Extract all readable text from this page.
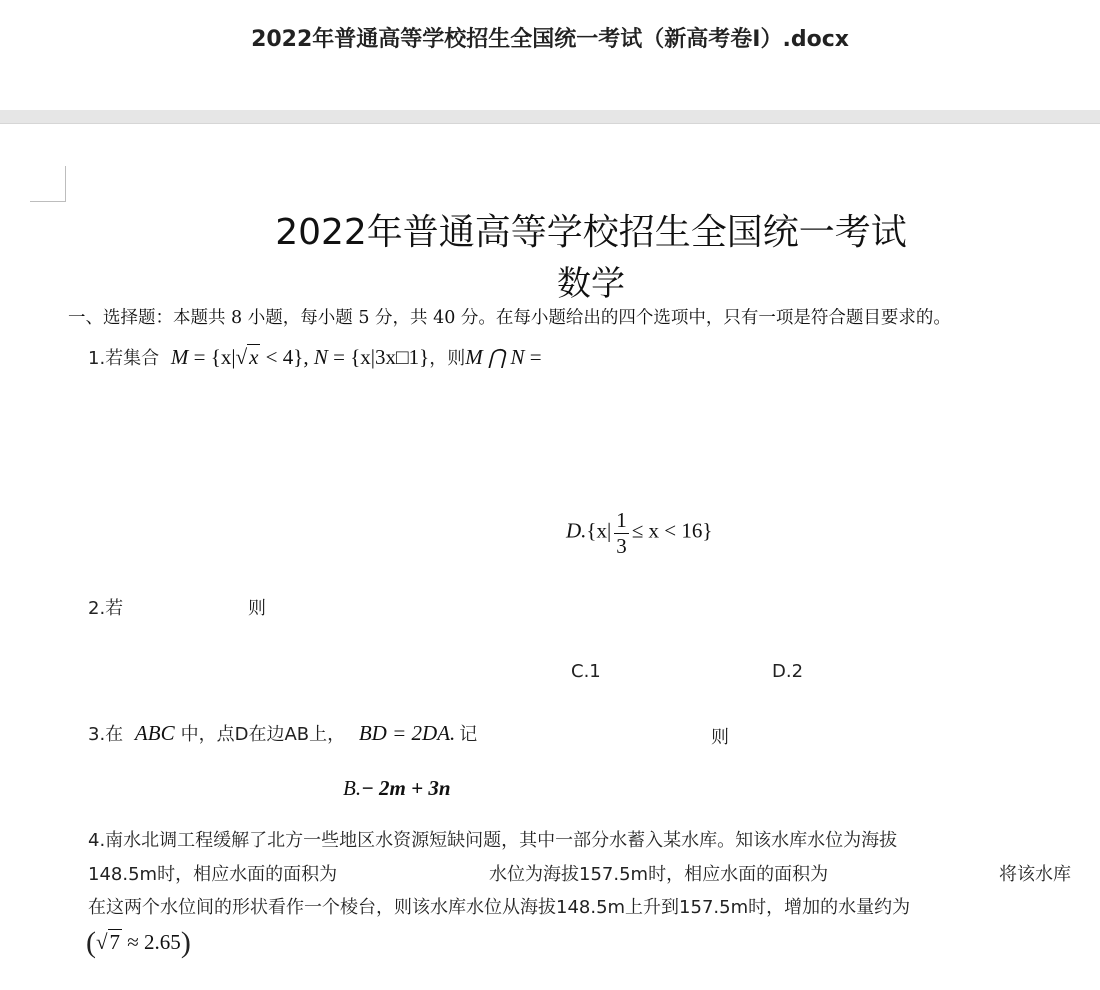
2022年普通高等学校招生全国统一考试（新高考卷I）.docx
2022年普通高等学校招生全国统一考试
数学
一、选择题：本题共 8 小题，每小题 5 分，共 40 分。在每小题给出的四个选项中，只有一项是符合题目要求的。
1.若集合 M = {x|√x < 4}, N = {x|3x□1}，则M ⋂ N =
$D.\{x| \frac{1}{3} \le x < 16\}$
2.若	则
C.1	D.2
3.在 ABC 中，点D在边AB上， BD = 2DA. 记	则
B.− 2m + 3n
4.南水北调工程缓解了北方一些地区水资源短缺问题，其中一部分水蓄入某水库。知该水库水位为海拔
148.5m时，相应水面的面积为	水位为海拔157.5m时，相应水面的面积为	将该水库
在这两个水位间的形状看作一个棱台，则该水库水位从海拔148.5m上升到157.5m时，增加的水量约为
(√7 ≈ 2.65)
